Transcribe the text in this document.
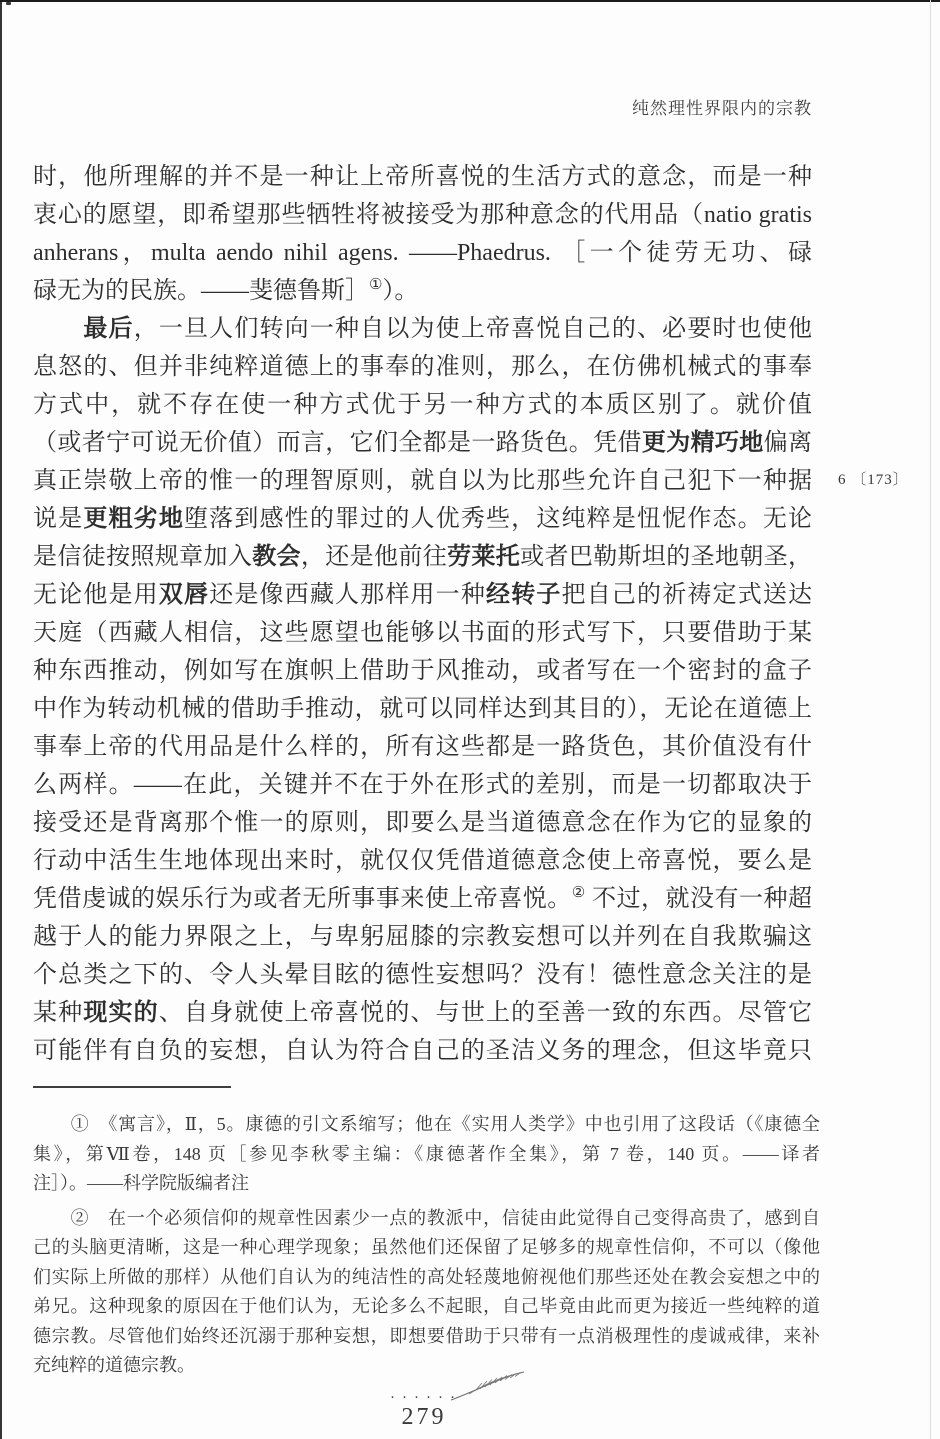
纯然理性界限内的宗教
6 〔173〕
时，他所理解的并不是一种让上帝所喜悦的生活方式的意念，而是一种
衷心的愿望，即希望那些牺牲将被接受为那种意念的代用品（natio gratis
anherans，multa aendo nihil agens. ——Phaedrus. ［一个徒劳无功、碌
碌无为的民族。——斐德鲁斯］①）。
　　最后，一旦人们转向一种自以为使上帝喜悦自己的、必要时也使他
息怒的、但并非纯粹道德上的事奉的准则，那么，在仿佛机械式的事奉
方式中，就不存在使一种方式优于另一种方式的本质区别了。就价值
（或者宁可说无价值）而言，它们全都是一路货色。凭借更为精巧地偏离
真正崇敬上帝的惟一的理智原则，就自以为比那些允许自己犯下一种据
说是更粗劣地堕落到感性的罪过的人优秀些，这纯粹是忸怩作态。无论
是信徒按照规章加入教会，还是他前往劳莱托或者巴勒斯坦的圣地朝圣，
无论他是用双唇还是像西藏人那样用一种经转子把自己的祈祷定式送达
天庭（西藏人相信，这些愿望也能够以书面的形式写下，只要借助于某
种东西推动，例如写在旗帜上借助于风推动，或者写在一个密封的盒子
中作为转动机械的借助手推动，就可以同样达到其目的），无论在道德上
事奉上帝的代用品是什么样的，所有这些都是一路货色，其价值没有什
么两样。——在此，关键并不在于外在形式的差别，而是一切都取决于
接受还是背离那个惟一的原则，即要么是当道德意念在作为它的显象的
行动中活生生地体现出来时，就仅仅凭借道德意念使上帝喜悦，要么是
凭借虔诚的娱乐行为或者无所事事来使上帝喜悦。② 不过，就没有一种超
越于人的能力界限之上，与卑躬屈膝的宗教妄想可以并列在自我欺骗这
个总类之下的、令人头晕目眩的德性妄想吗？没有！德性意念关注的是
某种现实的、自身就使上帝喜悦的、与世上的至善一致的东西。尽管它
可能伴有自负的妄想，自认为符合自己的圣洁义务的理念，但这毕竟只
　　①　《寓言》，Ⅱ，5。康德的引文系缩写；他在《实用人类学》中也引用了这段话（《康德全
集》，第Ⅶ卷，148 页［参见李秋零主编：《康德著作全集》，第 7 卷，140 页。——译者
注］）。——科学院版编者注
　　②　在一个必须信仰的规章性因素少一点的教派中，信徒由此觉得自己变得高贵了，感到自
己的头脑更清晰，这是一种心理学现象；虽然他们还保留了足够多的规章性信仰，不可以（像他
们实际上所做的那样）从他们自认为的纯洁性的高处轻蔑地俯视他们那些还处在教会妄想之中的
弟兄。这种现象的原因在于他们认为，无论多么不起眼，自己毕竟由此而更为接近一些纯粹的道
德宗教。尽管他们始终还沉溺于那种妄想，即想要借助于只带有一点消极理性的虔诚戒律，来补
充纯粹的道德宗教。
······
279
